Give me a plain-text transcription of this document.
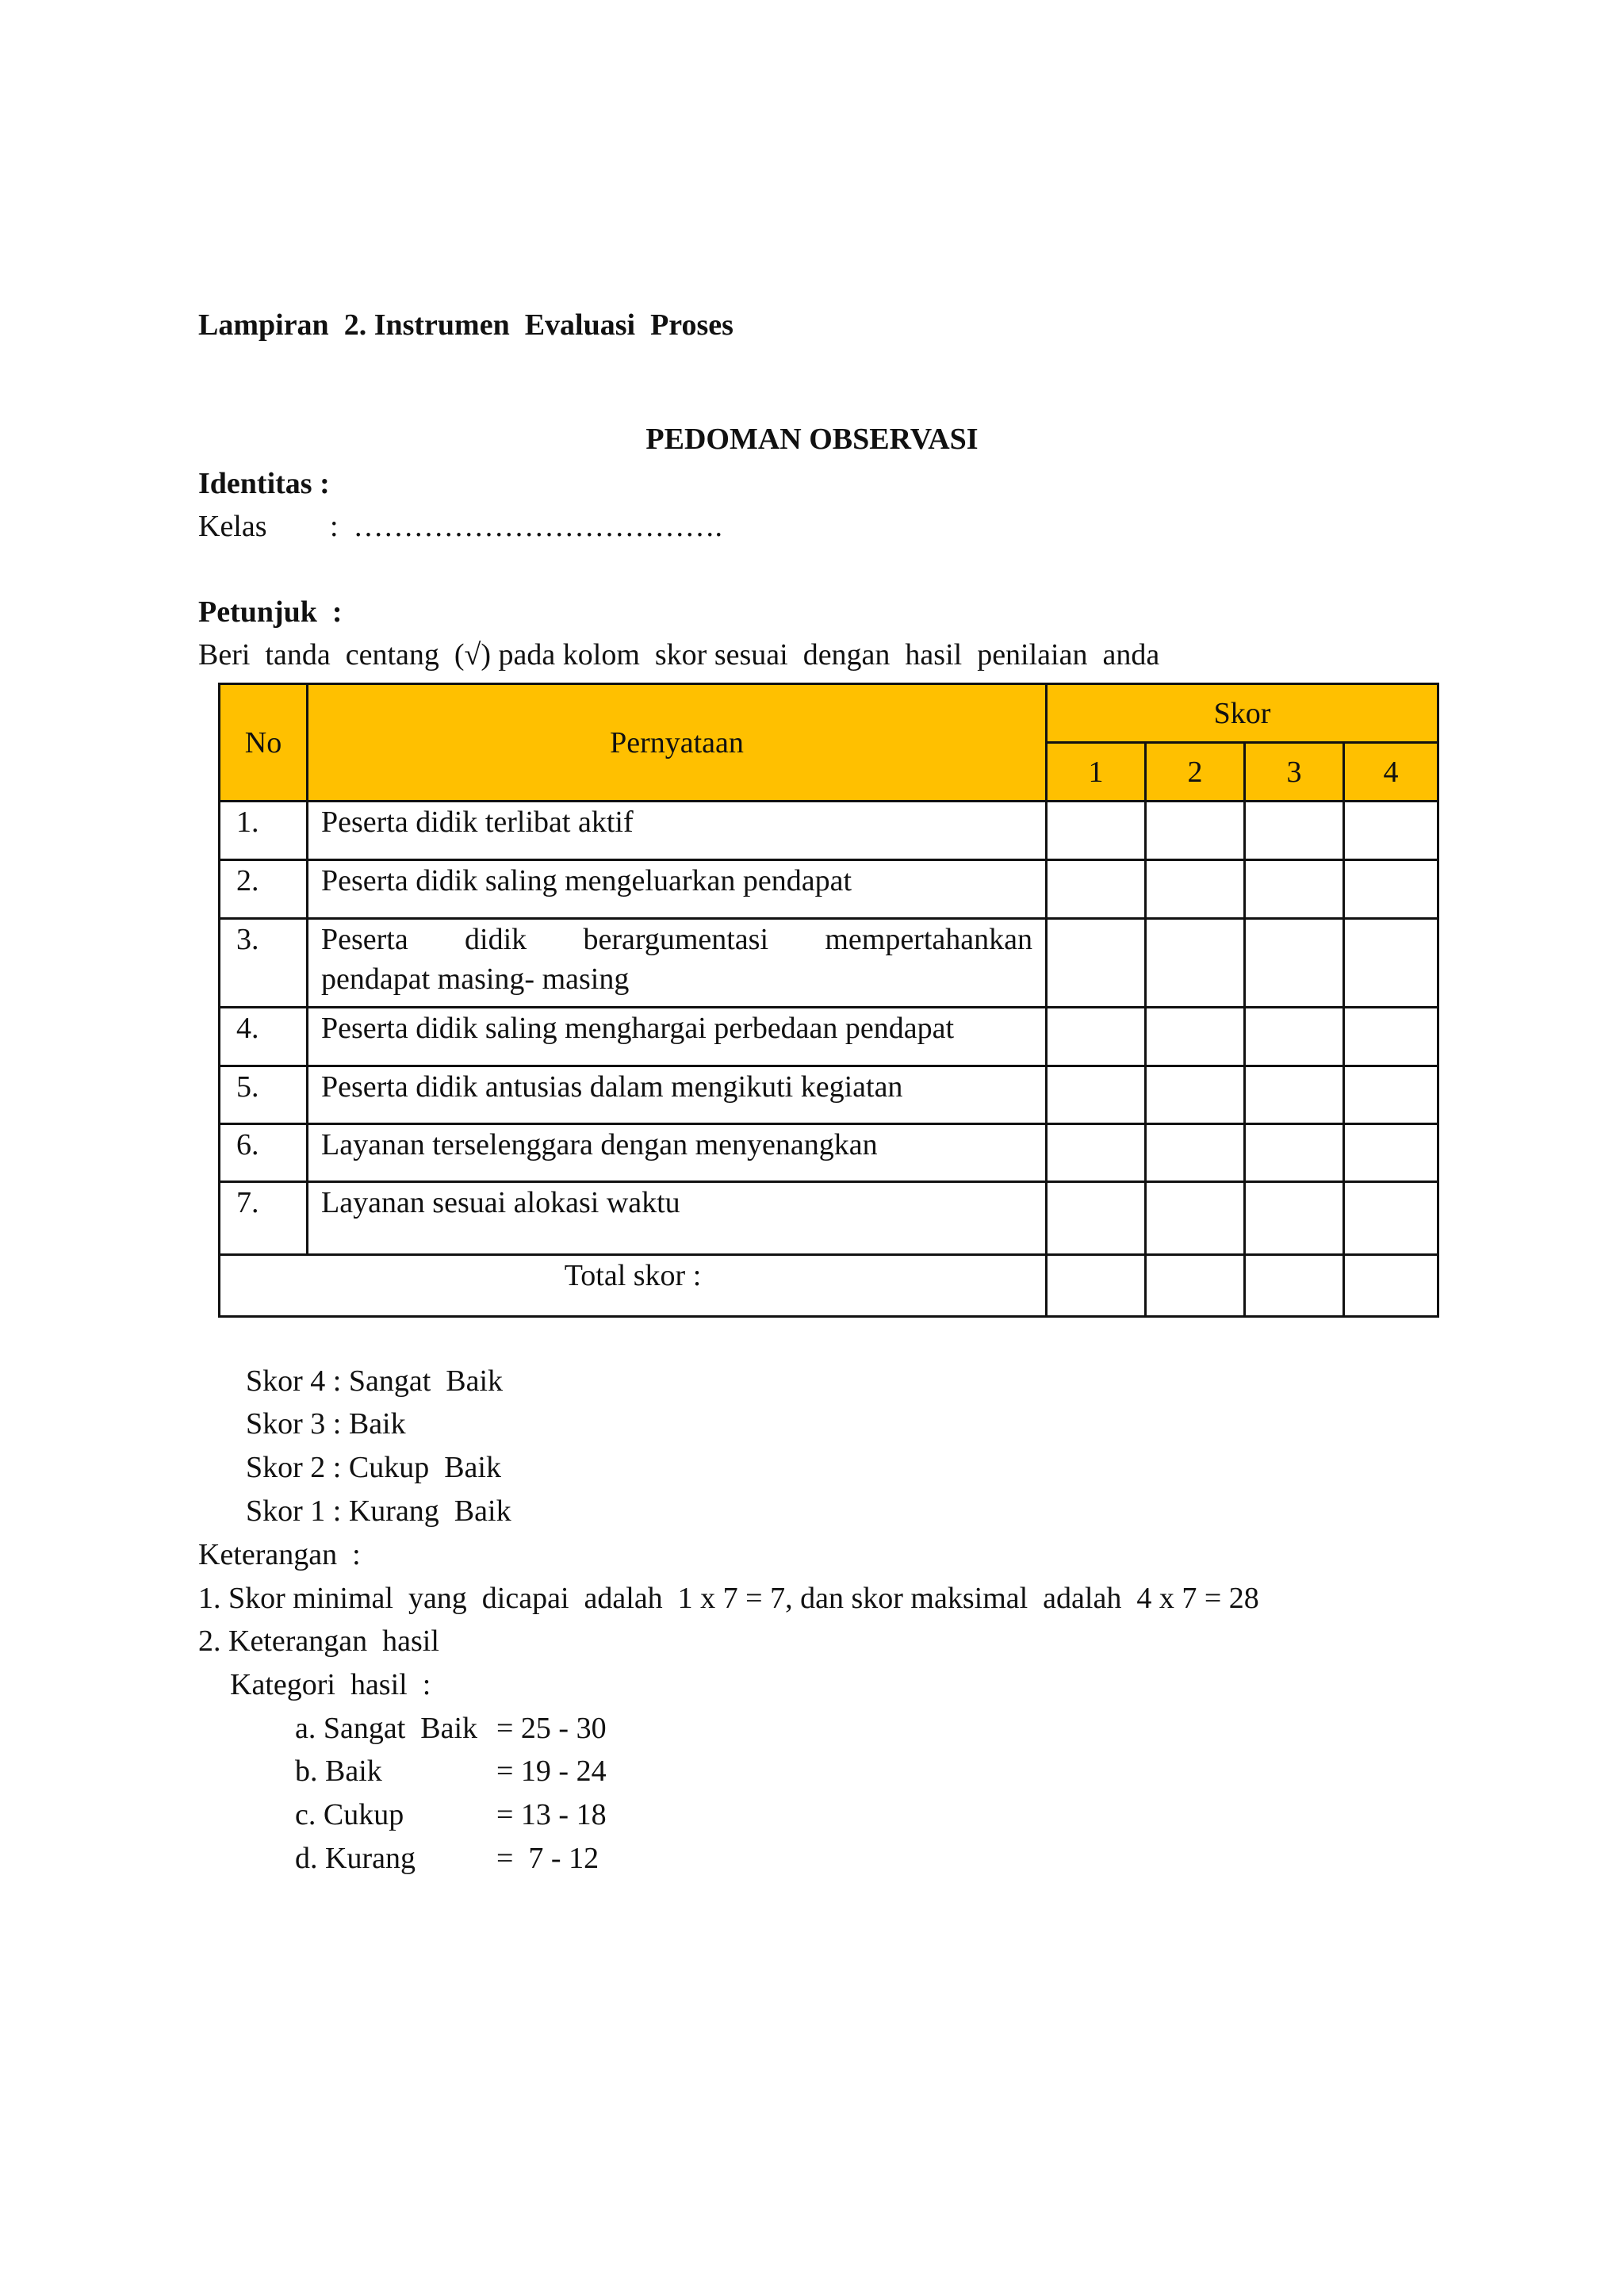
Lampiran  2. Instrumen  Evaluasi  Proses
PEDOMAN OBSERVASI
Identitas :
Kelas :  ……………………………….
Petunjuk  :
Beri  tanda  centang  (√) pada kolom  skor sesuai  dengan  hasil  penilaian  anda
No	Pernyataan
Skor
1	2	3	4
1.	Peserta didik terlibat aktif
2.	Peserta didik saling mengeluarkan pendapat
3.	Peserta didik berargumentasi mempertahankan
pendapat masing- masing
4.	Peserta didik saling menghargai perbedaan pendapat
5.	Peserta didik antusias dalam mengikuti kegiatan
6.	Layanan terselenggara dengan menyenangkan
7.	Layanan sesuai alokasi waktu
Total skor :
Skor 4 : Sangat  Baik
Skor 3 : Baik
Skor 2 : Cukup  Baik
Skor 1 : Kurang  Baik
Keterangan  :
1. Skor minimal  yang  dicapai  adalah  1 x 7 = 7, dan skor maksimal  adalah  4 x 7 = 28
2. Keterangan  hasil
Kategori  hasil  :
a. Sangat  Baik = 25 - 30
b. Baik	= 19 - 24
c. Cukup	= 13 - 18
d. Kurang	=  7 - 12
